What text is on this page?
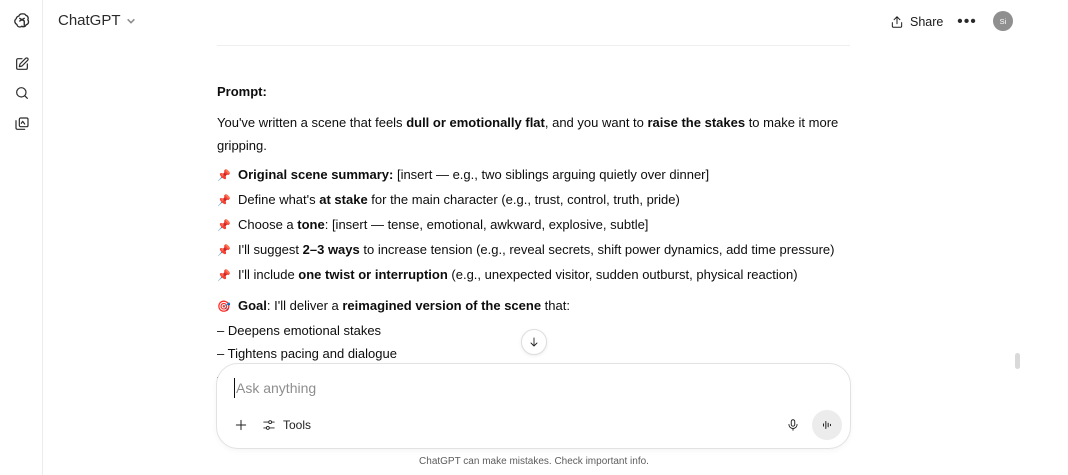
ChatGPT	Share •••	Si
Prompt:
You've written a scene that feels dull or emotionally flat, and you want to raise the stakes to make it more gripping.
📌 Original scene summary: [insert — e.g., two siblings arguing quietly over dinner]
📌 Define what's at stake for the main character (e.g., trust, control, truth, pride)
📌 Choose a tone: [insert — tense, emotional, awkward, explosive, subtle]
📌 I'll suggest 2–3 ways to increase tension (e.g., reveal secrets, shift power dynamics, add time pressure)
📌 I'll include one twist or interruption (e.g., unexpected visitor, sudden outburst, physical reaction)
🎯 Goal: I'll deliver a reimagined version of the scene that:
– Deepens emotional stakes
– Tightens pacing and dialogue
Ask anything
Tools
ChatGPT can make mistakes. Check important info.
